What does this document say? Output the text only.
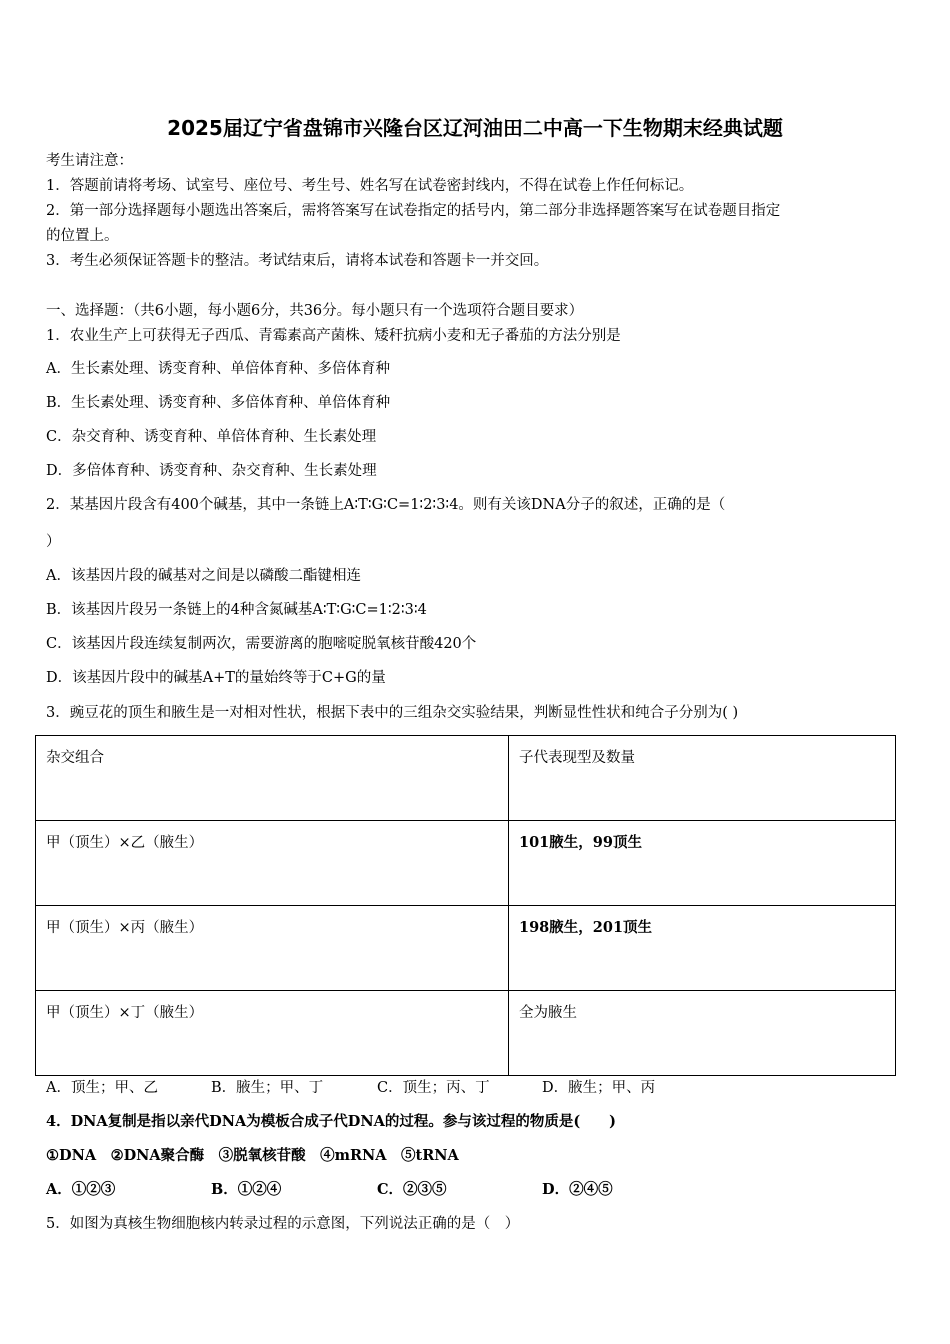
2025届辽宁省盘锦市兴隆台区辽河油田二中高一下生物期末经典试题
考生请注意：
1．答题前请将考场、试室号、座位号、考生号、姓名写在试卷密封线内，不得在试卷上作任何标记。
2．第一部分选择题每小题选出答案后，需将答案写在试卷指定的括号内，第二部分非选择题答案写在试卷题目指定
的位置上。
3．考生必须保证答题卡的整洁。考试结束后，请将本试卷和答题卡一并交回。
一、选择题：（共6小题，每小题6分，共36分。每小题只有一个选项符合题目要求）
1．农业生产上可获得无子西瓜、青霉素高产菌株、矮秆抗病小麦和无子番茄的方法分别是
A．生长素处理、诱变育种、单倍体育种、多倍体育种
B．生长素处理、诱变育种、多倍体育种、单倍体育种
C．杂交育种、诱变育种、单倍体育种、生长素处理
D．多倍体育种、诱变育种、杂交育种、生长素处理
2．某基因片段含有400个碱基，其中一条链上A∶T∶G∶C=1∶2∶3∶4。则有关该DNA分子的叙述，正确的是（
）
A．该基因片段的碱基对之间是以磷酸二酯键相连
B．该基因片段另一条链上的4种含氮碱基A∶T∶G∶C=1∶2∶3∶4
C．该基因片段连续复制两次，需要游离的胞嘧啶脱氧核苷酸420个
D．该基因片段中的碱基A+T的量始终等于C+G的量
3．豌豆花的顶生和腋生是一对相对性状，根据下表中的三组杂交实验结果，判断显性性状和纯合子分别为( )
杂交组合	子代表现型及数量
甲（顶生）×乙（腋生）	101腋生，99顶生
甲（顶生）×丙（腋生）	198腋生，201顶生
甲（顶生）×丁（腋生）	全为腋生
A．顶生；甲、乙	B．腋生；甲、丁	C．顶生；丙、丁	D．腋生；甲、丙
4．DNA复制是指以亲代DNA为模板合成子代DNA的过程。参与该过程的物质是(　　)
①DNA　②DNA聚合酶　③脱氧核苷酸　④mRNA　⑤tRNA
A．①②③	B．①②④	C．②③⑤	D．②④⑤
5．如图为真核生物细胞核内转录过程的示意图，下列说法正确的是（　）
